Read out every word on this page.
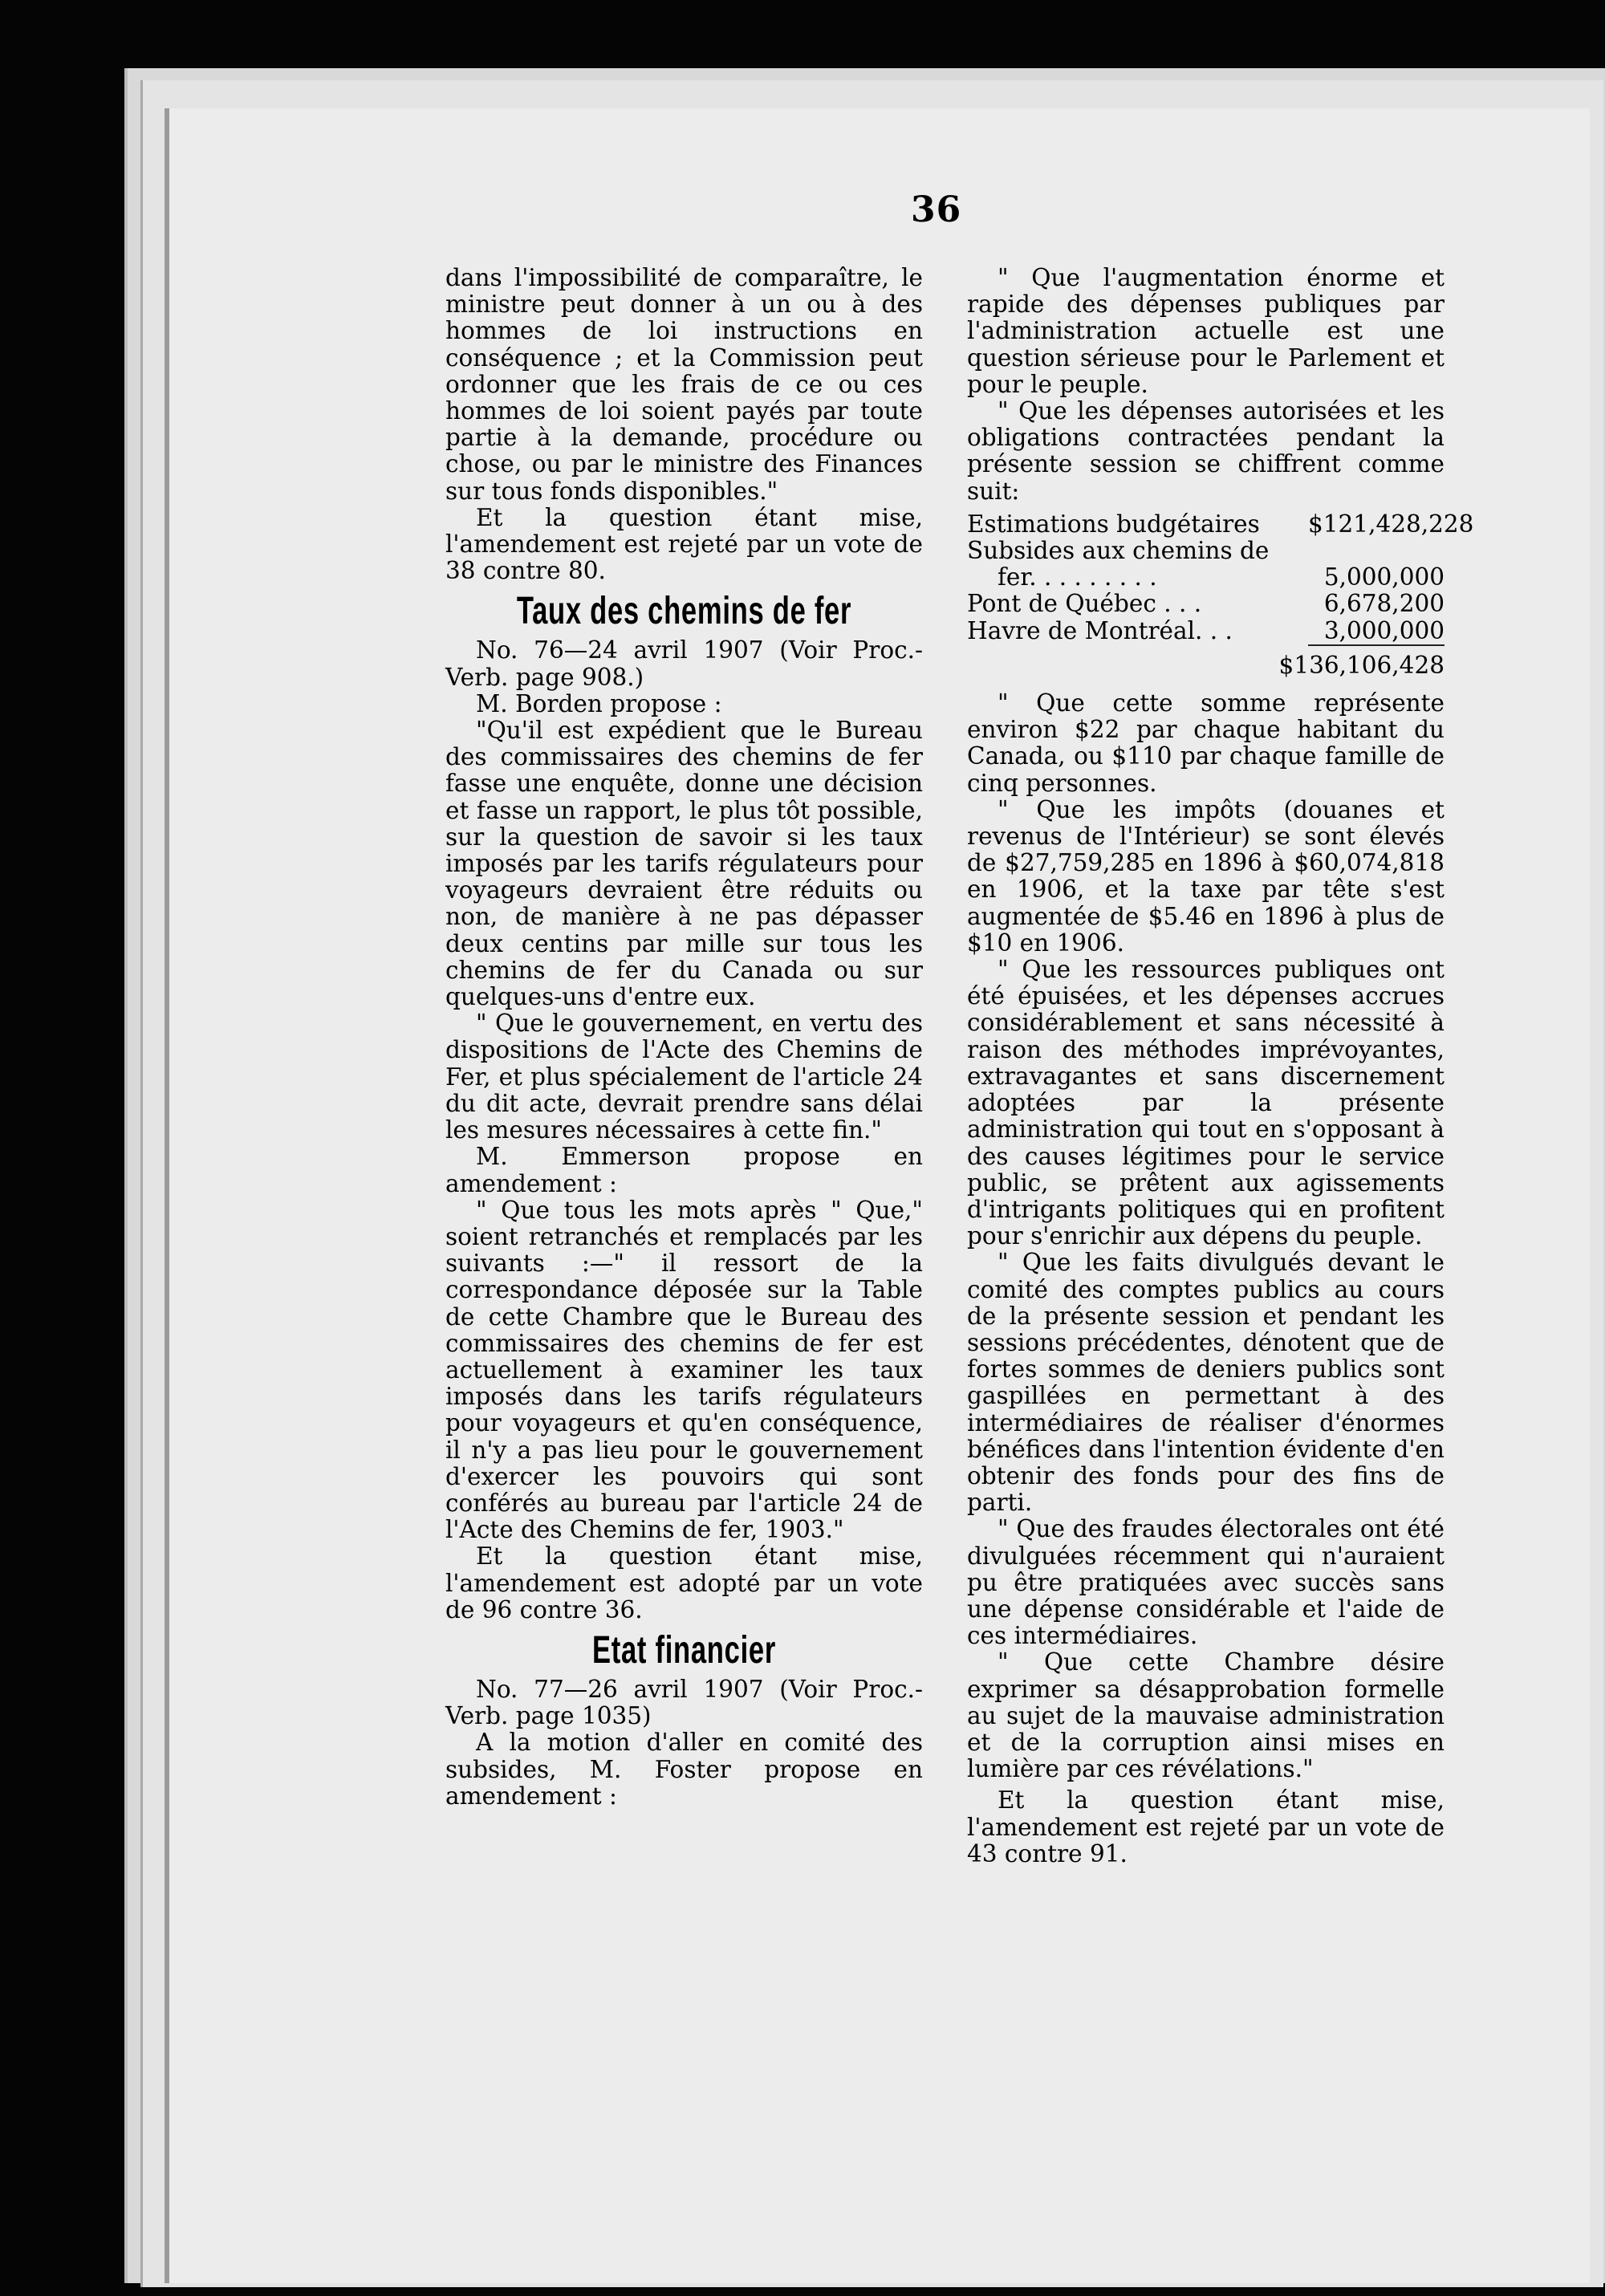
36

dans l'impossibilité de comparaître, le ministre peut donner à un ou à des hommes de loi instructions en conséquence ; et la Commission peut ordonner que les frais de ce ou ces hommes de loi soient payés par toute partie à la demande, procédure ou chose, ou par le ministre des Finances sur tous fonds disponibles."

Et la question étant mise, l'amendement est rejeté par un vote de 38 contre 80.

Taux des chemins de fer

No. 76—24 avril 1907 (Voir Proc.-Verb. page 908.)

M. Borden propose :

"Qu'il est expédient que le Bureau des commissaires des chemins de fer fasse une enquête, donne une décision et fasse un rapport, le plus tôt possible, sur la question de savoir si les taux imposés par les tarifs régulateurs pour voyageurs devraient être réduits ou non, de manière à ne pas dépasser deux centins par mille sur tous les chemins de fer du Canada ou sur quelques-uns d'entre eux.

" Que le gouvernement, en vertu des dispositions de l'Acte des Chemins de Fer, et plus spécialement de l'article 24 du dit acte, devrait prendre sans délai les mesures nécessaires à cette fin."

M. Emmerson propose en amendement :

" Que tous les mots après " Que," soient retranchés et remplacés par les suivants :—" il ressort de la correspondance déposée sur la Table de cette Chambre que le Bureau des commissaires des chemins de fer est actuellement à examiner les taux imposés dans les tarifs régulateurs pour voyageurs et qu'en conséquence, il n'y a pas lieu pour le gouvernement d'exercer les pouvoirs qui sont conférés au bureau par l'article 24 de l'Acte des Chemins de fer, 1903."

Et la question étant mise, l'amendement est adopté par un vote de 96 contre 36.

Etat financier

No. 77—26 avril 1907 (Voir Proc.-Verb. page 1035)

A la motion d'aller en comité des subsides, M. Foster propose en amendement :

" Que l'augmentation énorme et rapide des dépenses publiques par l'administration actuelle est une question sérieuse pour le Parlement et pour le peuple.

" Que les dépenses autorisées et les obligations contractées pendant la présente session se chiffrent comme suit:

Estimations budgétaires	$121,428,228
Subsides aux chemins de
fer. . . . . . . . .	5,000,000
Pont de Québec . . .	6,678,200
Havre de Montréal. . .	3,000,000
$136,106,428

" Que cette somme représente environ $22 par chaque habitant du Canada, ou $110 par chaque famille de cinq personnes.

" Que les impôts (douanes et revenus de l'Intérieur) se sont élevés de $27,759,285 en 1896 à $60,074,818 en 1906, et la taxe par tête s'est augmentée de $5.46 en 1896 à plus de $10 en 1906.

" Que les ressources publiques ont été épuisées, et les dépenses accrues considérablement et sans nécessité à raison des méthodes imprévoyantes, extravagantes et sans discernement adoptées par la présente administration qui tout en s'opposant à des causes légitimes pour le service public, se prêtent aux agissements d'intrigants politiques qui en profitent pour s'enrichir aux dépens du peuple.

" Que les faits divulgués devant le comité des comptes publics au cours de la présente session et pendant les sessions précédentes, dénotent que de fortes sommes de deniers publics sont gaspillées en permettant à des intermédiaires de réaliser d'énormes bénéfices dans l'intention évidente d'en obtenir des fonds pour des fins de parti.

" Que des fraudes électorales ont été divulguées récemment qui n'auraient pu être pratiquées avec succès sans une dépense considérable et l'aide de ces intermédiaires.

" Que cette Chambre désire exprimer sa désapprobation formelle au sujet de la mauvaise administration et de la corruption ainsi mises en lumière par ces révélations."

Et la question étant mise, l'amendement est rejeté par un vote de 43 contre 91.
